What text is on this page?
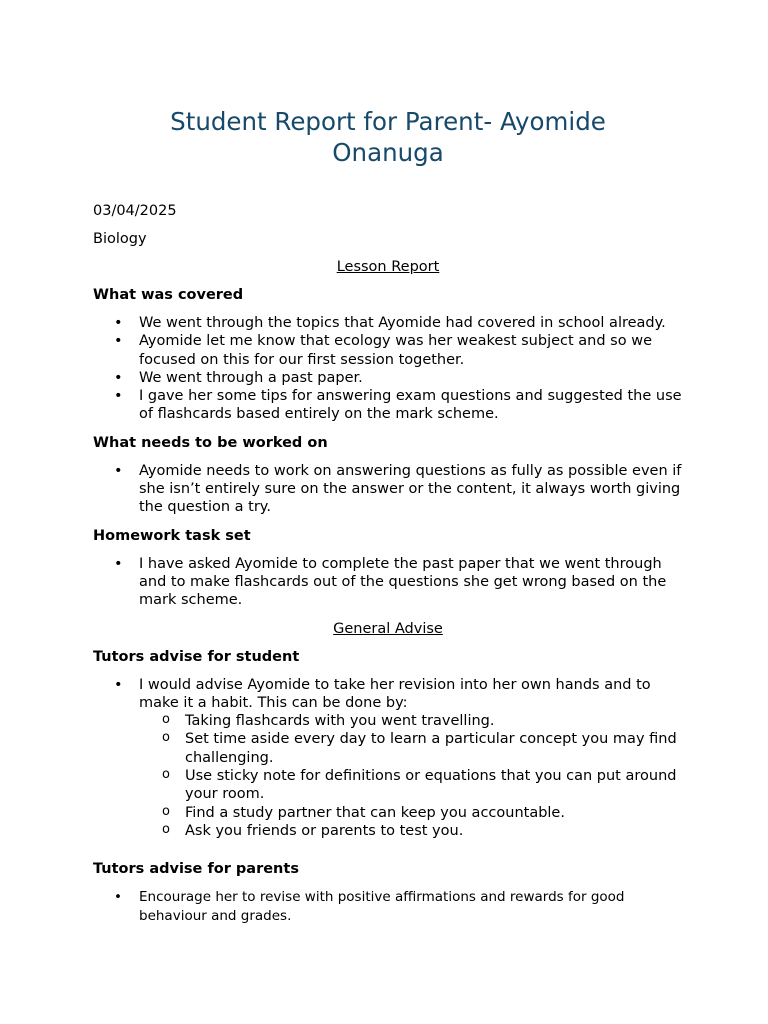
Student Report for Parent- Ayomide Onanuga

03/04/2025

Biology

Lesson Report
What was covered
• We went through the topics that Ayomide had covered in school already.
• Ayomide let me know that ecology was her weakest subject and so we focused on this for our first session together.
• We went through a past paper.
• I gave her some tips for answering exam questions and suggested the use of flashcards based entirely on the mark scheme.
What needs to be worked on
• Ayomide needs to work on answering questions as fully as possible even if she isn’t entirely sure on the answer or the content, it always worth giving the question a try.
Homework task set
• I have asked Ayomide to complete the past paper that we went through and to make flashcards out of the questions she get wrong based on the mark scheme.
General Advise
Tutors advise for student
• I would advise Ayomide to take her revision into her own hands and to make it a habit. This can be done by:
o Taking flashcards with you went travelling.
o Set time aside every day to learn a particular concept you may find challenging.
o Use sticky note for definitions or equations that you can put around your room.
o Find a study partner that can keep you accountable.
o Ask you friends or parents to test you.
Tutors advise for parents
• Encourage her to revise with positive affirmations and rewards for good behaviour and grades.
